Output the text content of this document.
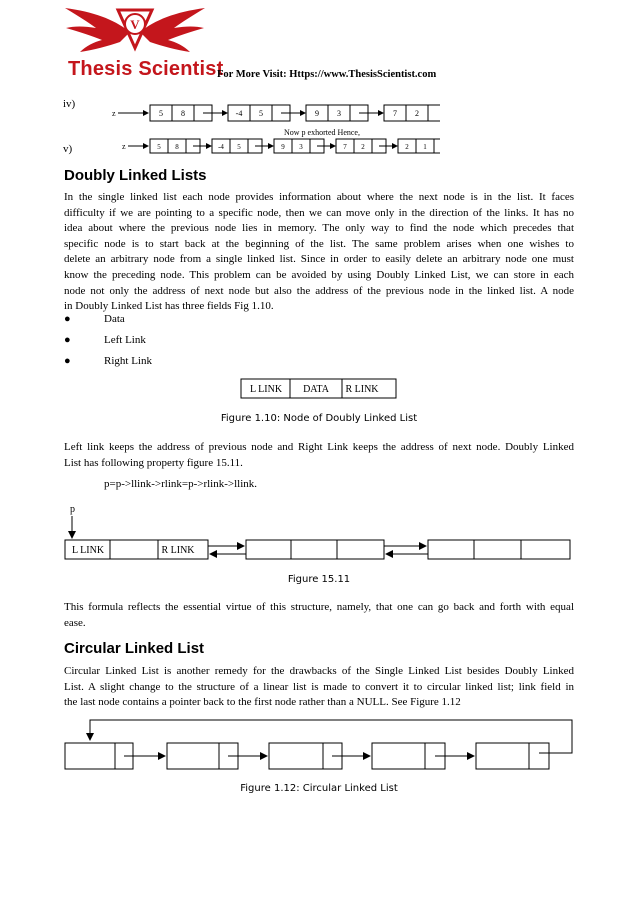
V
Thesis Scientist
For More Visit: Https://www.ThesisScientist.com
iv)
z	5 8	-4 5	9 3	7 2
Now p exhorted Hence,
v)	z	5 8	-4 5	9 3	7 2	2 1
Doubly Linked Lists
In the single linked list each node provides information about where the next node is in the list. It faces
difficulty if we are pointing to a specific node, then we can move only in the direction of the links. It has no
idea about where the previous node lies in memory. The only way to find the node which precedes that
specific node is to start back at the beginning of the list. The same problem arises when one wishes to
delete an arbitrary node from a single linked list. Since in order to easily delete an arbitrary node one must
know the preceding node. This problem can be avoided by using Doubly Linked List, we can store in each
node not only the address of next node but also the address of the previous node in the linked list. A node
in Doubly Linked List has three fields Fig 1.10.
●	Data
●	Left Link
●	Right Link
L LINK DATA R LINK
Figure 1.10: Node of Doubly Linked List
Left link keeps the address of previous node and Right Link keeps the address of next node. Doubly Linked
List has following property figure 15.11.
p=p->llink->rlink=p->rlink->llink.
p
L LINK	R LINK
Figure 15.11
This formula reflects the essential virtue of this structure, namely, that one can go back and forth with equal
ease.
Circular Linked List
Circular Linked List is another remedy for the drawbacks of the Single Linked List besides Doubly Linked
List. A slight change to the structure of a linear list is made to convert it to circular linked list; link field in
the last node contains a pointer back to the first node rather than a NULL. See Figure 1.12
Figure 1.12: Circular Linked List
